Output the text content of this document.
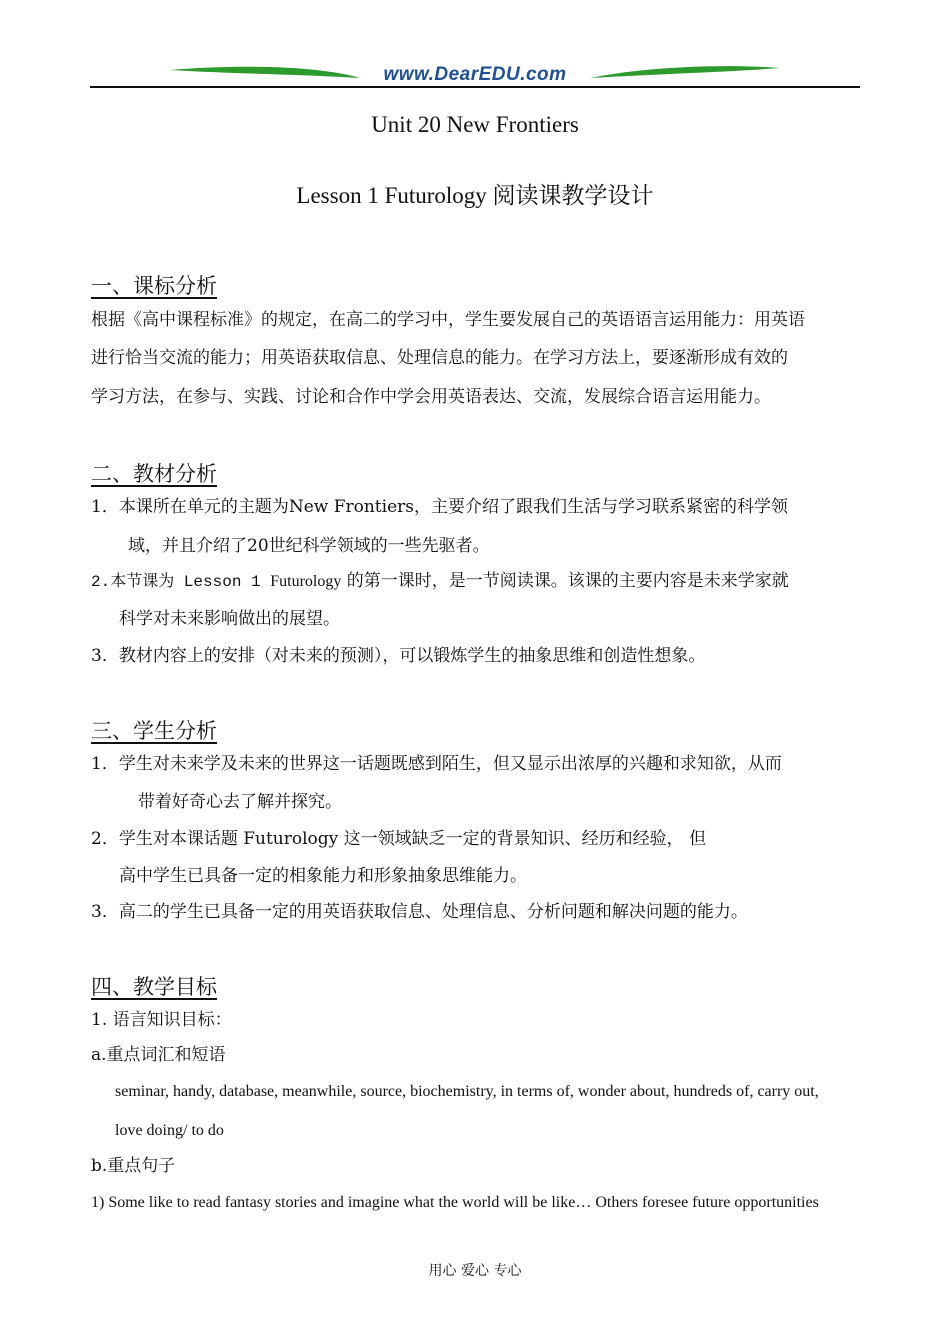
www.DearEDU.com
Unit 20 New Frontiers
Lesson 1 Futurology 阅读课教学设计
一、课标分析
根据《高中课程标准》的规定，在高二的学习中，学生要发展自己的英语语言运用能力：用英语
进行恰当交流的能力；用英语获取信息、处理信息的能力。在学习方法上，要逐渐形成有效的
学习方法，在参与、实践、讨论和合作中学会用英语表达、交流，发展综合语言运用能力。
二、教材分析
1．本课所在单元的主题为New Frontiers，主要介绍了跟我们生活与学习联系紧密的科学领
域，并且介绍了20世纪科学领域的一些先驱者。
2.本节课为 Lesson 1 Futurology 的第一课时，是一节阅读课。该课的主要内容是未来学家就
科学对未来影响做出的展望。
3．教材内容上的安排（对未来的预测），可以锻炼学生的抽象思维和创造性想象。
三、学生分析
1．学生对未来学及未来的世界这一话题既感到陌生，但又显示出浓厚的兴趣和求知欲，从而
带着好奇心去了解并探究。
2．学生对本课话题 Futurology 这一领域缺乏一定的背景知识、经历和经验， 但
高中学生已具备一定的相象能力和形象抽象思维能力。
3．高二的学生已具备一定的用英语获取信息、处理信息、分析问题和解决问题的能力。
四、教学目标
1. 语言知识目标：
a.重点词汇和短语
seminar, handy, database, meanwhile, source, biochemistry, in terms of, wonder about, hundreds of, carry out,
love doing/ to do
b.重点句子
1) Some like to read fantasy stories and imagine what the world will be like… Others foresee future opportunities
用心 爱心 专心
